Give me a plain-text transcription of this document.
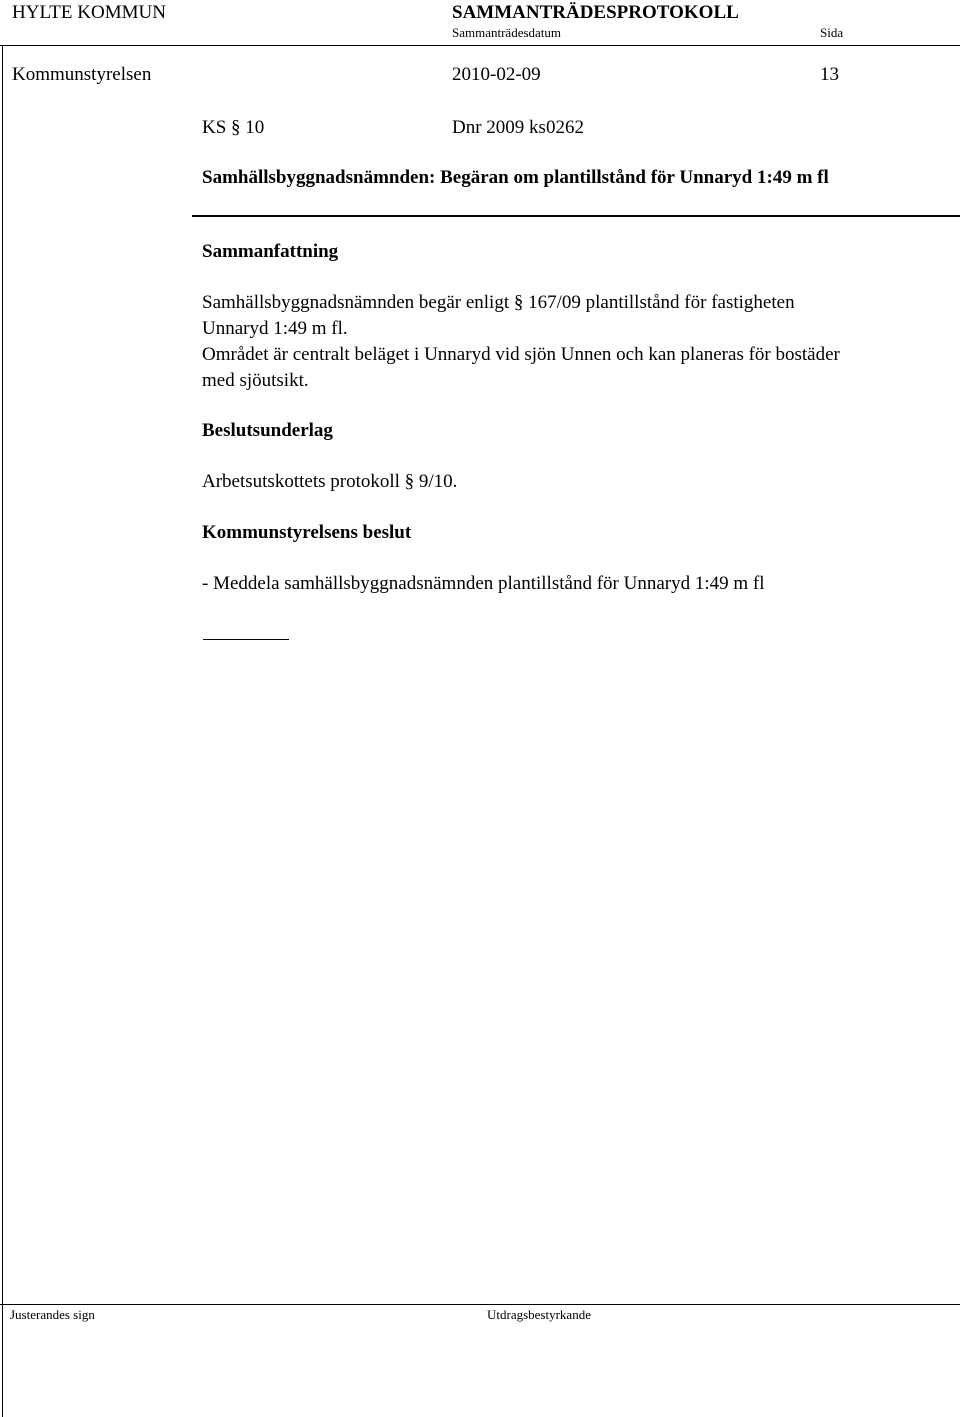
HYLTE KOMMUN	SAMMANTRÄDESPROTOKOLL
Sammanträdesdatum	Sida
Kommunstyrelsen	2010-02-09	13
KS § 10	Dnr 2009 ks0262
Samhällsbyggnadsnämnden: Begäran om plantillstånd för Unnaryd 1:49 m fl
Sammanfattning
Samhällsbyggnadsnämnden begär enligt § 167/09 plantillstånd för fastigheten
Unnaryd 1:49 m fl.
Området är centralt beläget i Unnaryd vid sjön Unnen och kan planeras för bostäder
med sjöutsikt.
Beslutsunderlag
Arbetsutskottets protokoll § 9/10.
Kommunstyrelsens beslut
- Meddela samhällsbyggnadsnämnden plantillstånd för Unnaryd 1:49 m fl
Justerandes sign	Utdragsbestyrkande
